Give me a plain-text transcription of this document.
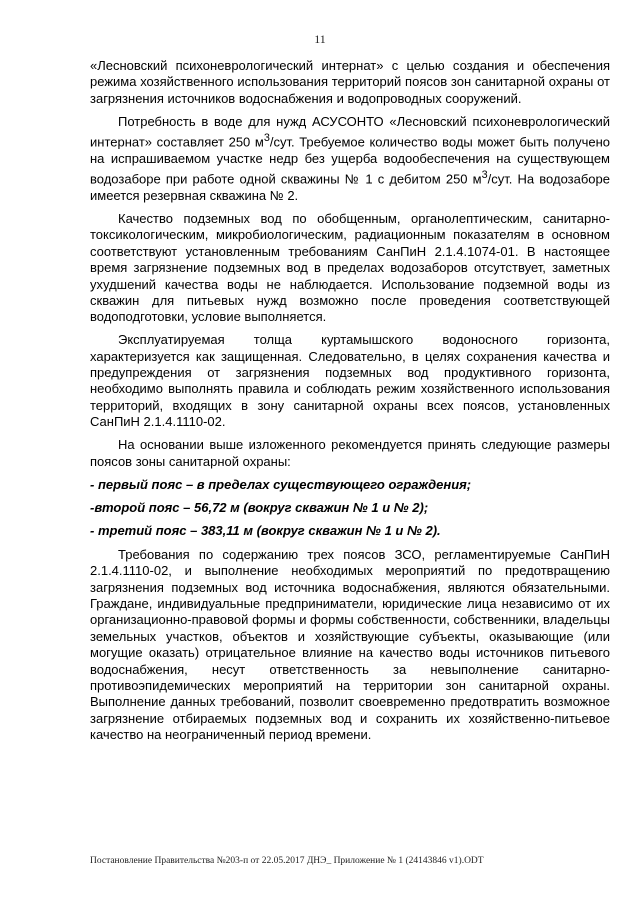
11

«Лесновский психоневрологический интернат» с целью создания и обеспечения режима хозяйственного использования территорий поясов зон санитарной охраны от загрязнения источников водоснабжения и водопроводных сооружений.

Потребность в воде для нужд АСУСОНТО «Лесновский психоневрологический интернат» составляет 250 $м^3$/сут. Требуемое количество воды может быть получено на испрашиваемом участке недр без ущерба водообеспечения на существующем водозаборе при работе одной скважины № 1 с дебитом 250 $м^3$/сут. На водозаборе имеется резервная скважина № 2.

Качество подземных вод по обобщенным, органолептическим, санитарно-токсикологическим, микробиологическим, радиационным показателям в основном соответствуют установленным требованиям СанПиН 2.1.4.1074-01. В настоящее время загрязнение подземных вод в пределах водозаборов отсутствует, заметных ухудшений качества воды не наблюдается. Использование подземной воды из скважин для питьевых нужд возможно после проведения соответствующей водоподготовки, условие выполняется.

Эксплуатируемая толща куртамышского водоносного горизонта, характеризуется как защищенная. Следовательно, в целях сохранения качества и предупреждения от загрязнения подземных вод продуктивного горизонта, необходимо выполнять правила и соблюдать режим хозяйственного использования территорий, входящих в зону санитарной охраны всех поясов, установленных СанПиН 2.1.4.1110-02.

На основании выше изложенного рекомендуется принять следующие размеры поясов зоны санитарной охраны:

- первый пояс – в пределах существующего ограждения;

-второй пояс – 56,72 м (вокруг скважин № 1 и № 2);

- третий пояс – 383,11 м (вокруг скважин № 1 и № 2).

Требования по содержанию трех поясов ЗСО, регламентируемые СанПиН 2.1.4.1110-02, и выполнение необходимых мероприятий по предотвращению загрязнения подземных вод источника водоснабжения, являются обязательными. Граждане, индивидуальные предприниматели, юридические лица независимо от их организационно-правовой формы и формы собственности, собственники, владельцы земельных участков, объектов и хозяйствующие субъекты, оказывающие (или могущие оказать) отрицательное влияние на качество воды источников питьевого водоснабжения, несут ответственность за невыполнение санитарно-противоэпидемических мероприятий на территории зон санитарной охраны. Выполнение данных требований, позволит своевременно предотвратить возможное загрязнение отбираемых подземных вод и сохранить их хозяйственно-питьевое качество на неограниченный период времени.

Постановление Правительства №203-п от 22.05.2017 ДНЭ_ Приложение № 1 (24143846 v1).ODT
